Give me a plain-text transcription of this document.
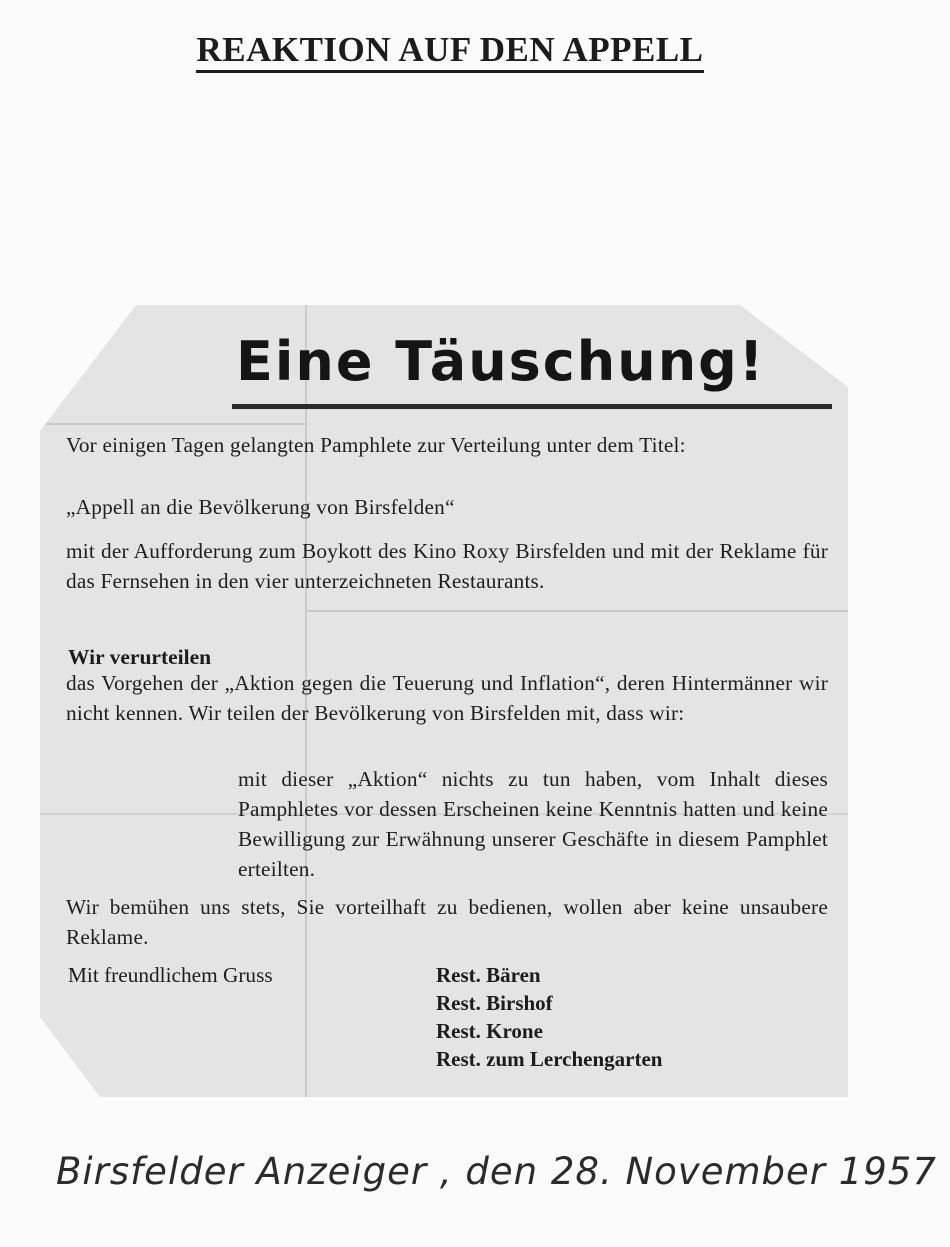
REAKTION AUF DEN APPELL
Eine Täuschung!
Vor einigen Tagen gelangten Pamphlete zur Verteilung unter dem Titel:
„Appell an die Bevölkerung von Birsfelden“
mit der Aufforderung zum Boykott des Kino Roxy Birsfelden und mit der Reklame für das Fernsehen in den vier unterzeichneten Restaurants.
Wir verurteilen
das Vorgehen der „Aktion gegen die Teuerung und Inflation“, deren Hintermänner wir nicht kennen. Wir teilen der Bevölkerung von Birsfelden mit, dass wir:
mit dieser „Aktion“ nichts zu tun haben, vom Inhalt dieses Pamphletes vor dessen Erscheinen keine Kenntnis hatten und keine Bewilligung zur Erwähnung unserer Geschäfte in diesem Pamphlet erteilten.
Wir bemühen uns stets, Sie vorteilhaft zu bedienen, wollen aber keine unsaubere Reklame.
Mit freundlichem Gruss	Rest. Bären
Rest. Birshof
Rest. Krone
Rest. zum Lerchengarten
Birsfelder Anzeiger , den 28. November 1957
